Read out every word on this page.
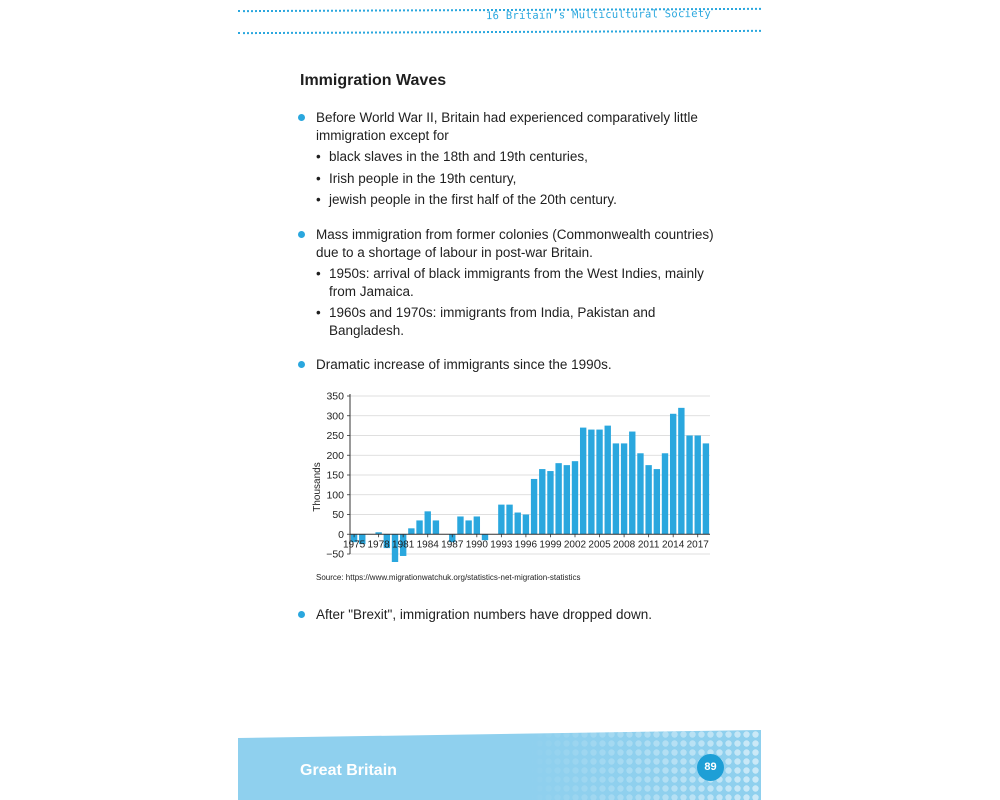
16 Britain’s Multicultural Society
Immigration Waves
Before World War II, Britain had experienced comparatively little immigration except for
• black slaves in the 18th and 19th centuries,
• Irish people in the 19th century,
• jewish people in the first half of the 20th century.
Mass immigration from former colonies (Commonwealth countries) due to a shortage of labour in post-war Britain.
• 1950s: arrival of black immigrants from the West Indies, mainly from Jamaica.
• 1960s and 1970s: immigrants from India, Pakistan and Bangladesh.
Dramatic increase of immigrants since the 1990s.
−50
0
50
100
150
200
250
300
350
Thousands
1975 1978 1981 1984 1987 1990 1993 1996 1999 2002 2005 2008 2011 2014 2017
Source: https://www.migrationwatchuk.org/statistics-net-migration-statistics
After "Brexit", immigration numbers have dropped down.
Great Britain	89
